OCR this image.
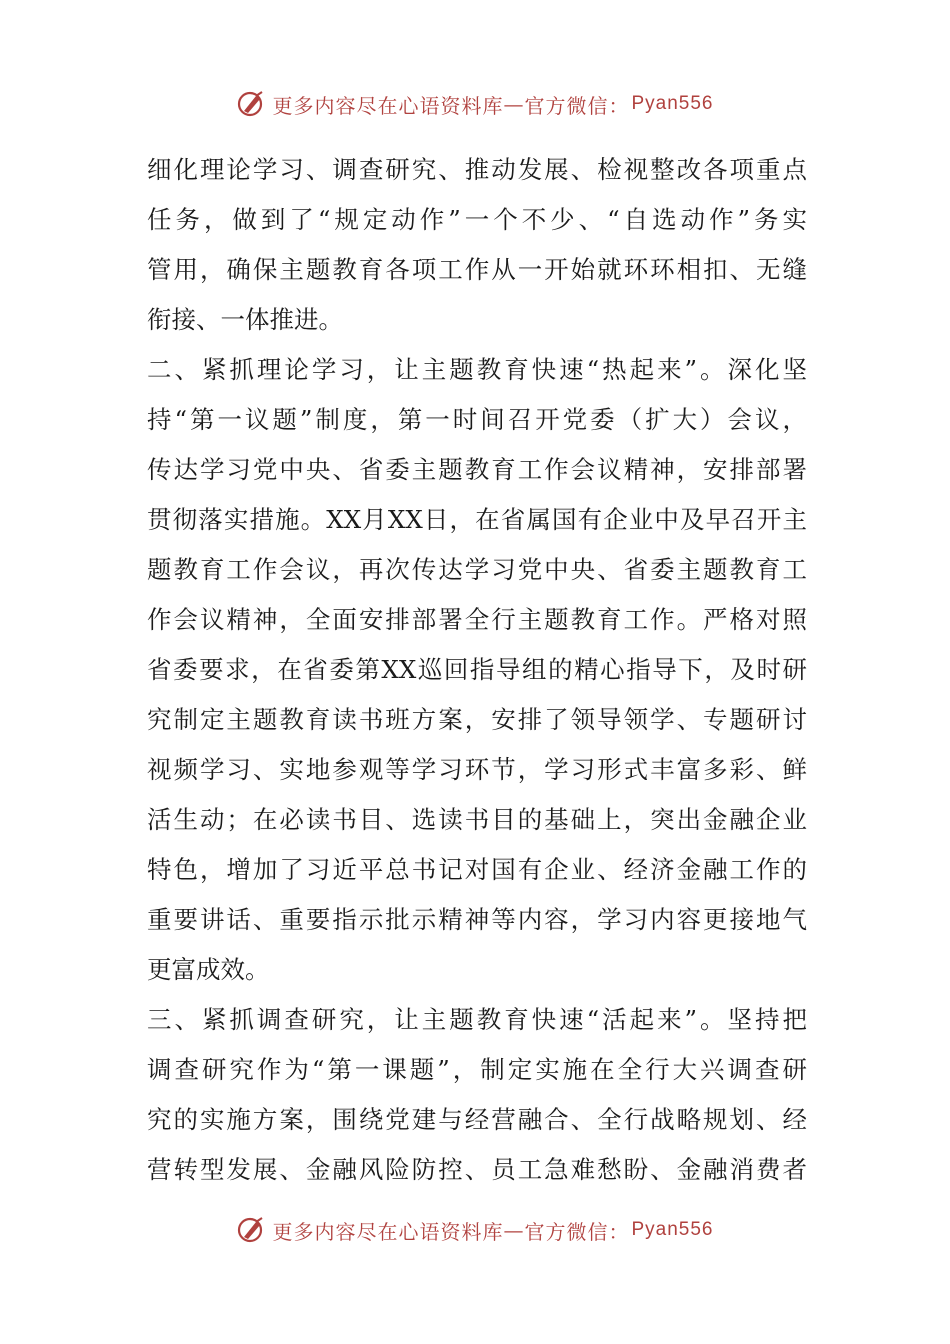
更多内容尽在心语资料库 — 官方微信： Pyan556
细化理论学习、调查研究、推动发展、检视整改各项重点
任务，做到了“规定动作”一个不少、“自选动作”务实
管用，确保主题教育各项工作从一开始就环环相扣、无缝
衔接、一体推进。
二、紧抓理论学习，让主题教育快速“热起来”。深化坚
持“第一议题”制度，第一时间召开党委（扩大）会议，
传达学习党中央、省委主题教育工作会议精神，安排部署
贯彻落实措施。XX月XX日，在省属国有企业中及早召开主
题教育工作会议，再次传达学习党中央、省委主题教育工
作会议精神，全面安排部署全行主题教育工作。严格对照
省委要求，在省委第XX巡回指导组的精心指导下，及时研
究制定主题教育读书班方案，安排了领导领学、专题研讨
视频学习、实地参观等学习环节，学习形式丰富多彩、鲜
活生动；在必读书目、选读书目的基础上，突出金融企业
特色，增加了习近平总书记对国有企业、经济金融工作的
重要讲话、重要指示批示精神等内容，学习内容更接地气
更富成效。
三、紧抓调查研究，让主题教育快速“活起来”。坚持把
调查研究作为“第一课题”，制定实施在全行大兴调查研
究的实施方案，围绕党建与经营融合、全行战略规划、经
营转型发展、金融风险防控、员工急难愁盼、金融消费者
更多内容尽在心语资料库 — 官方微信： Pyan556
